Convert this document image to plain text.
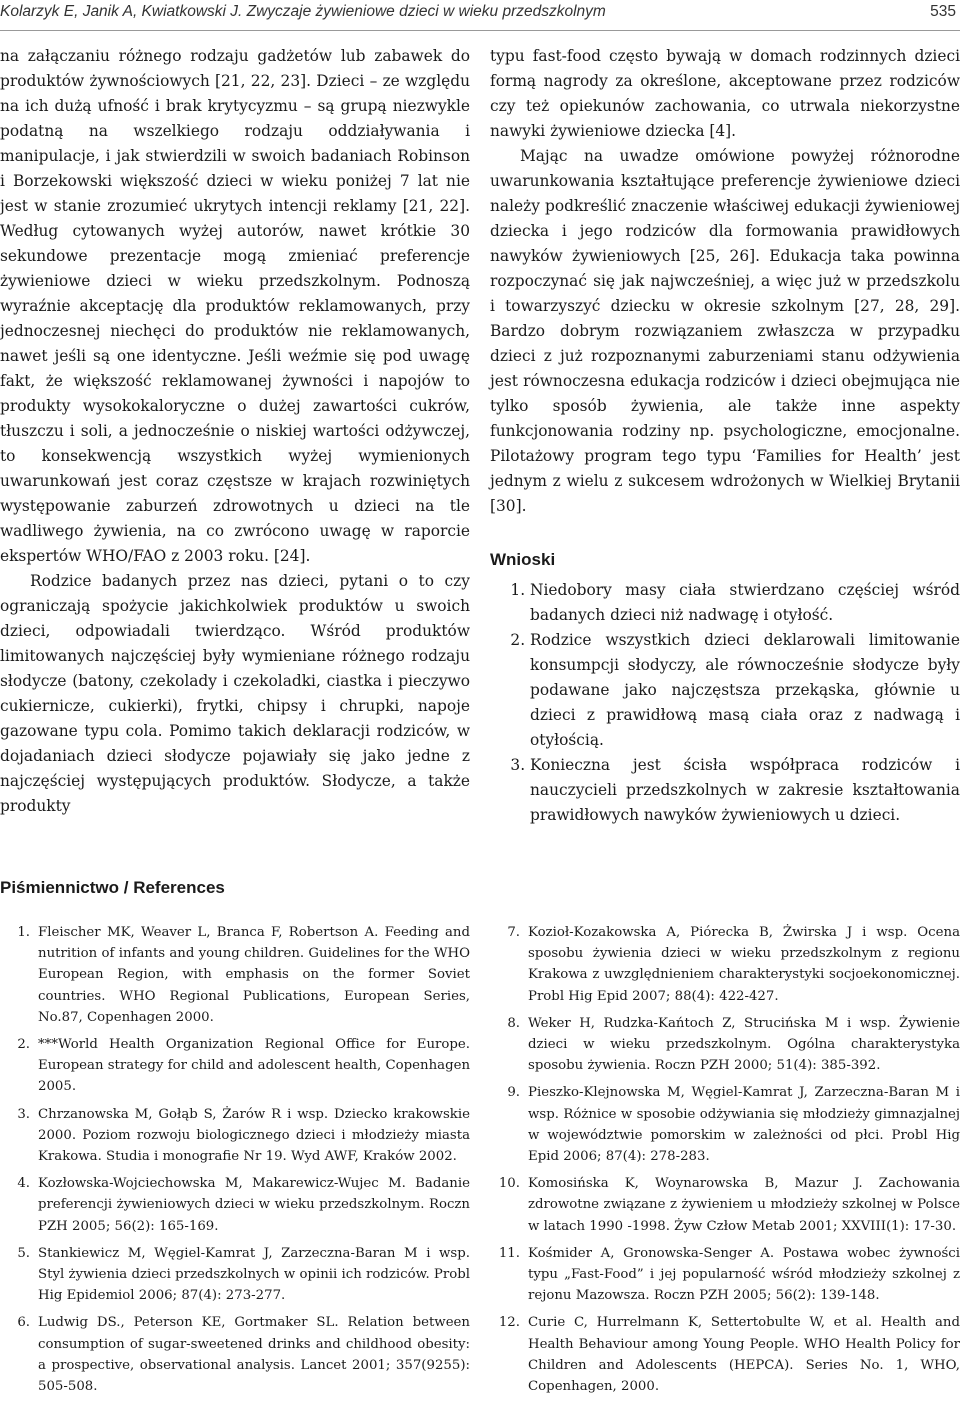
Kolarzyk E, Janik A, Kwiatkowski J. Zwyczaje żywieniowe dzieci w wieku przedszkolnym	535

na załączaniu różnego rodzaju gadżetów lub zabawek do produktów żywnościowych [21, 22, 23]. Dzieci – ze względu na ich dużą ufność i brak krytycyzmu – są grupą niezwykle podatną na wszelkiego rodzaju oddziaływania i manipulacje, i jak stwierdzili w swoich badaniach Robinson i Borzekowski większość dzieci w wieku poniżej 7 lat nie jest w stanie zrozumieć ukrytych intencji reklamy [21, 22]. Według cytowanych wyżej autorów, nawet krótkie 30 sekundowe prezentacje mogą zmieniać preferencje żywieniowe dzieci w wieku przedszkolnym. Podnoszą wyraźnie akceptację dla produktów reklamowanych, przy jednoczesnej niechęci do produktów nie reklamowanych, nawet jeśli są one identyczne. Jeśli weźmie się pod uwagę fakt, że większość reklamowanej żywności i napojów to produkty wysokokaloryczne o dużej zawartości cukrów, tłuszczu i soli, a jednocześnie o niskiej wartości odżywczej, to konsekwencją wszystkich wyżej wymienionych uwarunkowań jest coraz częstsze w krajach rozwiniętych występowanie zaburzeń zdrowotnych u dzieci na tle wadliwego żywienia, na co zwrócono uwagę w raporcie ekspertów WHO/FAO z 2003 roku. [24].

Rodzice badanych przez nas dzieci, pytani o to czy ograniczają spożycie jakichkolwiek produktów u swoich dzieci, odpowiadali twierdząco. Wśród produktów limitowanych najczęściej były wymieniane różnego rodzaju słodycze (batony, czekolady i czekoladki, ciastka i pieczywo cukiernicze, cukierki), frytki, chipsy i chrupki, napoje gazowane typu cola. Pomimo takich deklaracji rodziców, w dojadaniach dzieci słodycze pojawiały się jako jedne z najczęściej występujących produktów. Słodycze, a także produkty

typu fast-food często bywają w domach rodzinnych dzieci formą nagrody za określone, akceptowane przez rodziców czy też opiekunów zachowania, co utrwala niekorzystne nawyki żywieniowe dziecka [4].

Mając na uwadze omówione powyżej różnorodne uwarunkowania kształtujące preferencje żywieniowe dzieci należy podkreślić znaczenie właściwej edukacji żywieniowej dziecka i jego rodziców dla formowania prawidłowych nawyków żywieniowych [25, 26]. Edukacja taka powinna rozpoczynać się jak najwcześniej, a więc już w przedszkolu i towarzyszyć dziecku w okresie szkolnym [27, 28, 29]. Bardzo dobrym rozwiązaniem zwłaszcza w przypadku dzieci z już rozpoznanymi zaburzeniami stanu odżywienia jest równoczesna edukacja rodziców i dzieci obejmująca nie tylko sposób żywienia, ale także inne aspekty funkcjonowania rodziny np. psychologiczne, emocjonalne. Pilotażowy program tego typu ‘Families for Health’ jest jednym z wielu z sukcesem wdrożonych w Wielkiej Brytanii [30].

Wnioski
1. Niedobory masy ciała stwierdzano częściej wśród badanych dzieci niż nadwagę i otyłość.
2. Rodzice wszystkich dzieci deklarowali limitowanie konsumpcji słodyczy, ale równocześnie słodycze były podawane jako najczęstsza przekąska, głównie u dzieci z prawidłową masą ciała oraz z nadwagą i otyłością.
3. Konieczna jest ścisła współpraca rodziców i nauczycieli przedszkolnych w zakresie kształtowania prawidłowych nawyków żywieniowych u dzieci.
Piśmiennictwo / References
1. Fleischer MK, Weaver L, Branca F, Robertson A. Feeding and nutrition of infants and young children. Guidelines for the WHO European Region, with emphasis on the former Soviet countries. WHO Regional Publications, European Series, No.87, Copenhagen 2000.
2. ***World Health Organization Regional Office for Europe. European strategy for child and adolescent health, Copenhagen 2005.
3. Chrzanowska M, Gołąb S, Żarów R i wsp. Dziecko krakowskie 2000. Poziom rozwoju biologicznego dzieci i młodzieży miasta Krakowa. Studia i monografie Nr 19. Wyd AWF, Kraków 2002.
4. Kozłowska-Wojciechowska M, Makarewicz-Wujec M. Badanie preferencji żywieniowych dzieci w wieku przedszkolnym. Roczn PZH 2005; 56(2): 165-169.
5. Stankiewicz M, Węgiel-Kamrat J, Zarzeczna-Baran M i wsp. Styl żywienia dzieci przedszkolnych w opinii ich rodziców. Probl Hig Epidemiol 2006; 87(4): 273-277.
6. Ludwig DS., Peterson KE, Gortmaker SL. Relation between consumption of sugar-sweetened drinks and childhood obesity: a prospective, observational analysis. Lancet 2001; 357(9255): 505-508.
7. Kozioł-Kozakowska A, Piórecka B, Żwirska J i wsp. Ocena sposobu żywienia dzieci w wieku przedszkolnym z regionu Krakowa z uwzględnieniem charakterystyki socjoekonomicznej. Probl Hig Epid 2007; 88(4): 422-427.
8. Weker H, Rudzka-Kańtoch Z, Strucińska M i wsp. Żywienie dzieci w wieku przedszkolnym. Ogólna charakterystyka sposobu żywienia. Roczn PZH 2000; 51(4): 385-392.
9. Pieszko-Klejnowska M, Węgiel-Kamrat J, Zarzeczna-Baran M i wsp. Różnice w sposobie odżywiania się młodzieży gimnazjalnej w województwie pomorskim w zależności od płci. Probl Hig Epid 2006; 87(4): 278-283.
10. Komosińska K, Woynarowska B, Mazur J. Zachowania zdrowotne związane z żywieniem u młodzieży szkolnej w Polsce w latach 1990 -1998. Żyw Człow Metab 2001; XXVIII(1): 17-30.
11. Kośmider A, Gronowska-Senger A. Postawa wobec żywności typu „Fast-Food” i jej popularność wśród młodzieży szkolnej z rejonu Mazowsza. Roczn PZH 2005; 56(2): 139-148.
12. Curie C, Hurrelmann K, Settertobulte W, et al. Health and Health Behaviour among Young People. WHO Health Policy for Children and Adolescents (HEPCA). Series No. 1, WHO, Copenhagen, 2000.
